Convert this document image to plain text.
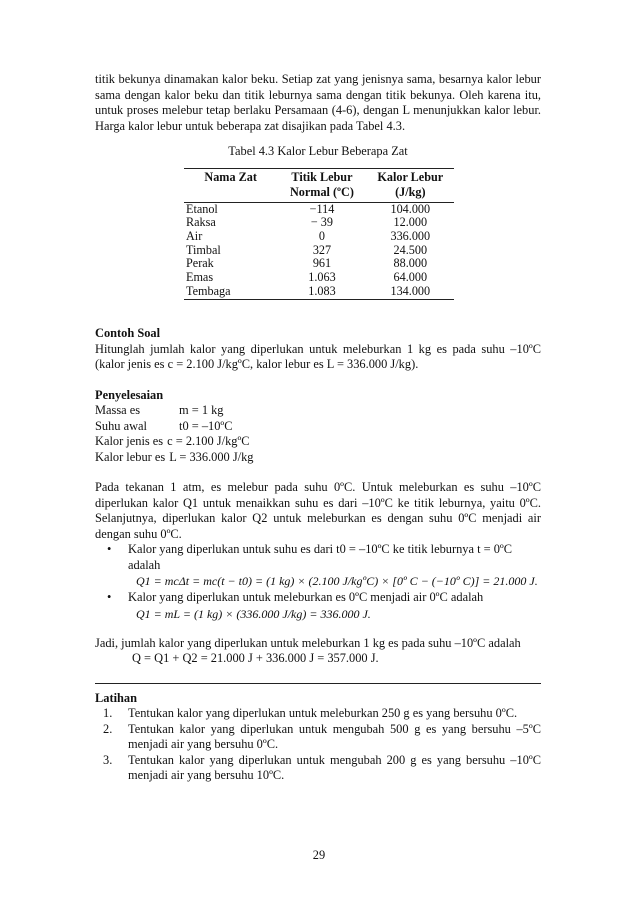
titik bekunya dinamakan kalor beku. Setiap zat yang jenisnya sama, besarnya kalor lebur sama dengan kalor beku dan titik leburnya sama dengan titik bekunya. Oleh karena itu, untuk proses melebur tetap berlaku Persamaan (4-6), dengan L menunjukkan kalor lebur. Harga kalor lebur untuk beberapa zat disajikan pada Tabel 4.3.

Tabel 4.3 Kalor Lebur Beberapa Zat

Nama Zat	Titik Lebur Normal (ºC)	Kalor Lebur (J/kg)
Etanol	−114	104.000
Raksa	− 39	12.000
Air	0	336.000
Timbal	327	24.500
Perak	961	88.000
Emas	1.063	64.000
Tembaga	1.083	134.000

Contoh Soal

Hitunglah jumlah kalor yang diperlukan untuk meleburkan 1 kg es pada suhu –10ºC (kalor jenis es c = 2.100 J/kgºC, kalor lebur es L = 336.000 J/kg).

Penyelesaian

Massa es	m = 1 kg
Suhu awal	t0 = –10ºC
Kalor jenis es c = 2.100 J/kgºC
Kalor lebur es L = 336.000 J/kg

Pada tekanan 1 atm, es melebur pada suhu 0ºC. Untuk meleburkan es suhu –10ºC diperlukan kalor Q1 untuk menaikkan suhu es dari –10ºC ke titik leburnya, yaitu 0ºC. Selanjutnya, diperlukan kalor Q2 untuk meleburkan es dengan suhu 0ºC menjadi air dengan suhu 0ºC.

• Kalor yang diperlukan untuk suhu es dari t0 = –10ºC ke titik leburnya t = 0ºC adalah
Q1 = mcΔt = mc(t − t0) = (1 kg) × (2.100 J/kgºC) × [0º C − (−10º C)] = 21.000 J.
• Kalor yang diperlukan untuk meleburkan es 0ºC menjadi air 0ºC adalah
Q1 = mL = (1 kg) × (336.000 J/kg) = 336.000 J.

Jadi, jumlah kalor yang diperlukan untuk meleburkan 1 kg es pada suhu –10ºC adalah

Q = Q1 + Q2 = 21.000 J + 336.000 J = 357.000 J.

Latihan

1. Tentukan kalor yang diperlukan untuk meleburkan 250 g es yang bersuhu 0ºC.
2. Tentukan kalor yang diperlukan untuk mengubah 500 g es yang bersuhu –5ºC menjadi air yang bersuhu 0ºC.
3. Tentukan kalor yang diperlukan untuk mengubah 200 g es yang bersuhu –10ºC menjadi air yang bersuhu 10ºC.
29
